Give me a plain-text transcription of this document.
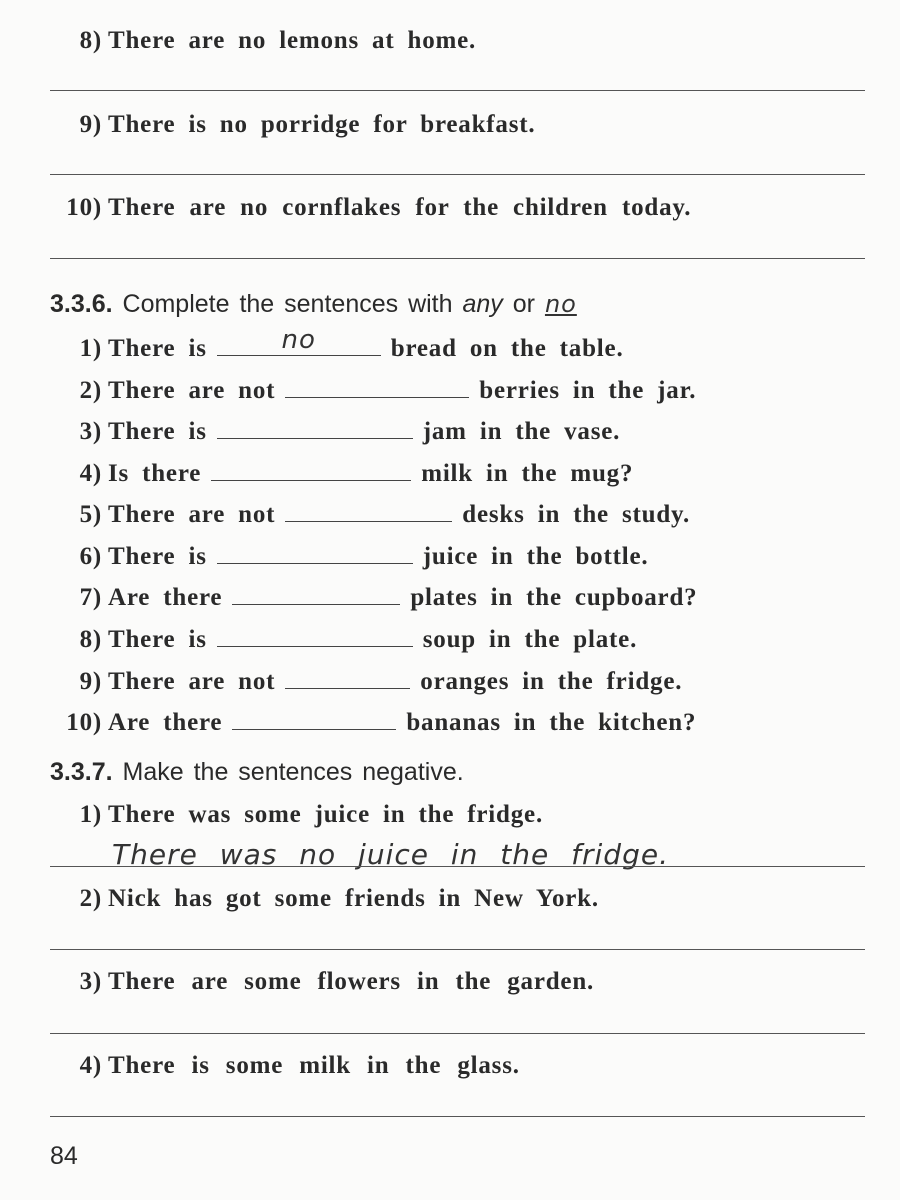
8) There are no lemons at home.
9) There is no porridge for breakfast.
10) There are no cornflakes for the children today.
3.3.6. Complete the sentences with any or no
1) There is	no	bread on the table.
2) There are not	berries in the jar.
3) There is	jam in the vase.
4) Is there	milk in the mug?
5) There are not	desks in the study.
6) There is	juice in the bottle.
7) Are there	plates in the cupboard?
8) There is	soup in the plate.
9) There are not	oranges in the fridge.
10) Are there	bananas in the kitchen?
3.3.7. Make the sentences negative.
1) There was some juice in the fridge.
There was no juice in the fridge.
2) Nick has got some friends in New York.
3) There are some flowers in the garden.
4) There is some milk in the glass.
84
